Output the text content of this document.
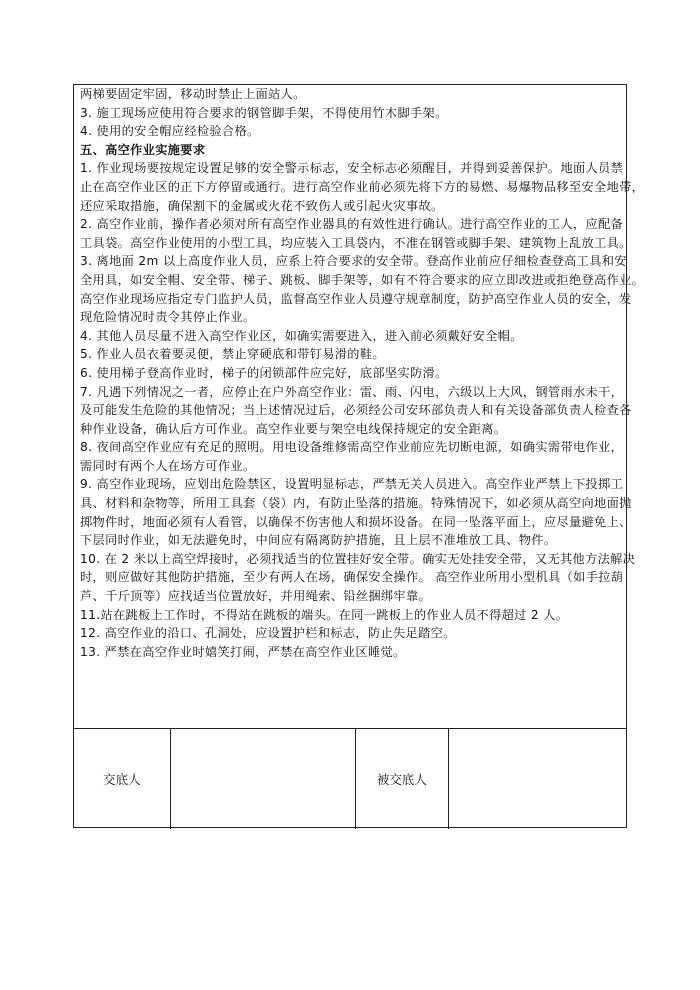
两梯要固定牢固，移动时禁止上面站人。
3. 施工现场应使用符合要求的钢管脚手架，不得使用竹木脚手架。
4. 使用的安全帽应经检验合格。
五、高空作业实施要求
1. 作业现场要按规定设置足够的安全警示标志，安全标志必须醒目，并得到妥善保护。地面人员禁
止在高空作业区的正下方停留或通行。进行高空作业前必须先将下方的易燃、易爆物品移至安全地带，
还应采取措施，确保割下的金属或火花不致伤人或引起火灾事故。
2. 高空作业前，操作者必须对所有高空作业器具的有效性进行确认。进行高空作业的工人，应配备
工具袋。高空作业使用的小型工具，均应装入工具袋内，不准在钢管或脚手架、建筑物上乱放工具。
3. 离地面 2m 以上高度作业人员，应系上符合要求的安全带。登高作业前应仔细检查登高工具和安
全用具，如安全帽、安全带、梯子、跳板、脚手架等，如有不符合要求的应立即改进或拒绝登高作业。
高空作业现场应指定专门监护人员，监督高空作业人员遵守规章制度，防护高空作业人员的安全，发
现危险情况时责令其停止作业。
4. 其他人员尽量不进入高空作业区，如确实需要进入，进入前必须戴好安全帽。
5. 作业人员衣着要灵便，禁止穿硬底和带钉易滑的鞋。
6. 使用梯子登高作业时，梯子的闭锁部件应完好，底部坚实防滑。
7. 凡遇下列情况之一者，应停止在户外高空作业：雷、雨、闪电，六级以上大风，钢管雨水未干，
及可能发生危险的其他情况；当上述情况过后，必须经公司安环部负责人和有关设备部负责人检查各
种作业设备，确认后方可作业。高空作业要与架空电线保持规定的安全距离。
8. 夜间高空作业应有充足的照明。用电设备维修需高空作业前应先切断电源，如确实需带电作业，
需同时有两个人在场方可作业。
9. 高空作业现场，应划出危险禁区，设置明显标志，严禁无关人员进入。高空作业严禁上下投掷工
具、材料和杂物等，所用工具套（袋）内，有防止坠落的措施。特殊情况下，如必须从高空向地面抛
掷物件时，地面必须有人看管，以确保不伤害他人和损坏设备。在同一坠落平面上，应尽量避免上、
下层同时作业，如无法避免时，中间应有隔离防护措施，且上层不准堆放工具、物件。
10. 在 2 米以上高空焊接时，必须找适当的位置挂好安全带。确实无处挂安全带，又无其他方法解决
时，则应做好其他防护措施，至少有两人在场，确保安全操作。 高空作业所用小型机具（如手拉葫
芦、千斤顶等）应找适当位置放好，并用绳索、铅丝捆绑牢靠。
11.站在跳板上工作时，不得站在跳板的端头。在同一跳板上的作业人员不得超过 2 人。
12. 高空作业的沿口、孔洞处，应设置护栏和标志，防止失足踏空。
13. 严禁在高空作业时嬉笑打闹，严禁在高空作业区睡觉。
交底人	被交底人
